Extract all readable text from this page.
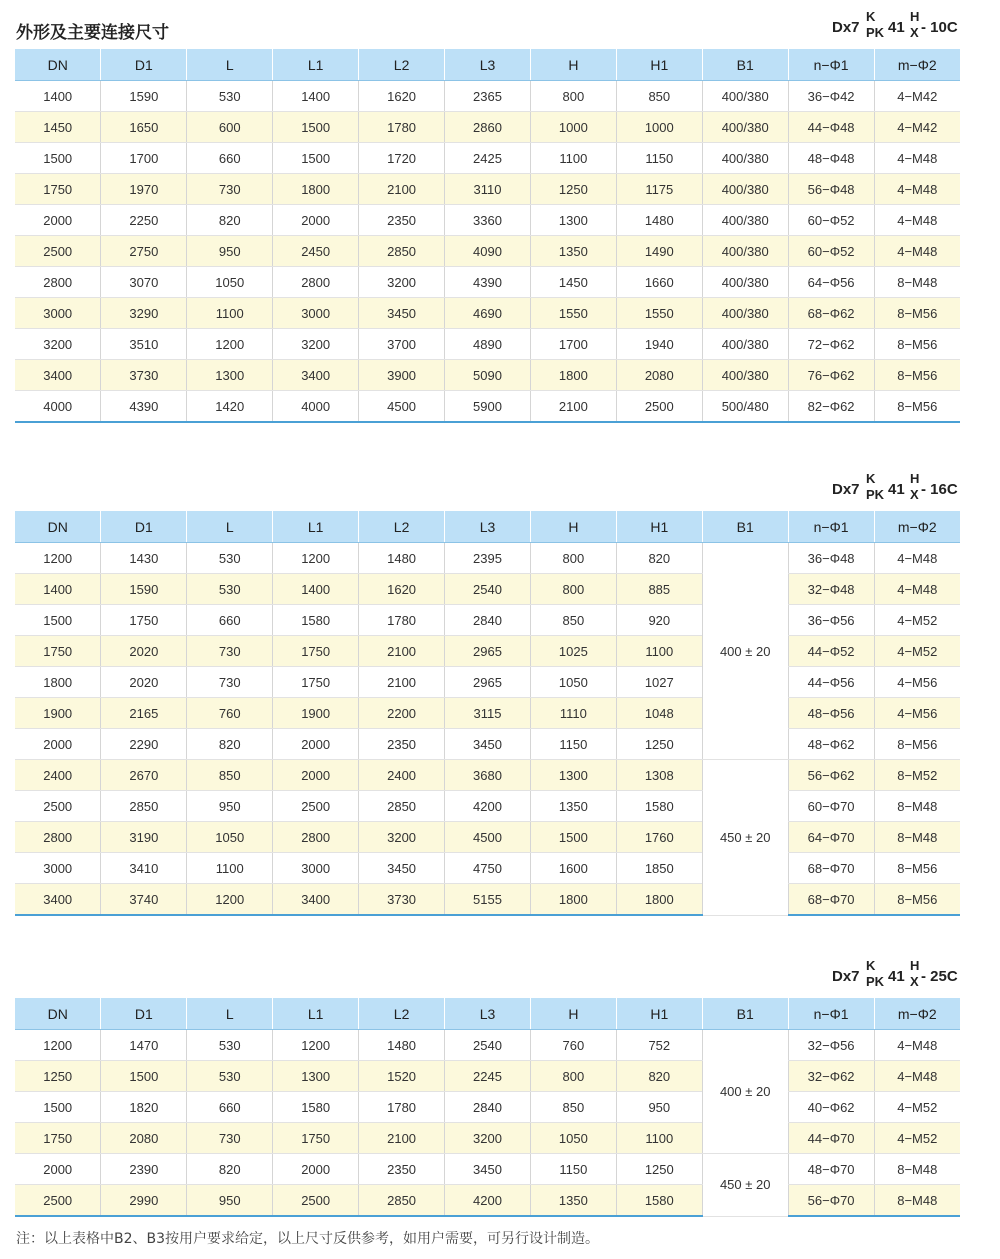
外形及主要连接尺寸	Dx7
K
PK 41
H
X - 10C
DN	D1	L	L1	L2	L3	H	H1	B1	n−Φ1	m−Φ2
1400	1590	530	1400	1620	2365	800	850	400/380	36−Φ42	4−M42
1450	1650	600	1500	1780	2860	1000	1000	400/380	44−Φ48	4−M42
1500	1700	660	1500	1720	2425	1100	1150	400/380	48−Φ48	4−M48
1750	1970	730	1800	2100	3110	1250	1175	400/380	56−Φ48	4−M48
2000	2250	820	2000	2350	3360	1300	1480	400/380	60−Φ52	4−M48
2500	2750	950	2450	2850	4090	1350	1490	400/380	60−Φ52	4−M48
2800	3070	1050	2800	3200	4390	1450	1660	400/380	64−Φ56	8−M48
3000	3290	1100	3000	3450	4690	1550	1550	400/380	68−Φ62	8−M56
3200	3510	1200	3200	3700	4890	1700	1940	400/380	72−Φ62	8−M56
3400	3730	1300	3400	3900	5090	1800	2080	400/380	76−Φ62	8−M56
4000	4390	1420	4000	4500	5900	2100	2500	500/480	82−Φ62	8−M56
Dx7
K
PK 41
H
X - 16C
DN	D1	L	L1	L2	L3	H	H1	B1	n−Φ1	m−Φ2
1200	1430	530	1200	1480	2395	800	820	400 ± 20	36−Φ48	4−M48
1400	1590	530	1400	1620	2540	800	885		32−Φ48	4−M48
1500	1750	660	1580	1780	2840	850	920		36−Φ56	4−M52
1750	2020	730	1750	2100	2965	1025	1100		44−Φ52	4−M52
1800	2020	730	1750	2100	2965	1050	1027		44−Φ56	4−M56
1900	2165	760	1900	2200	3115	1110	1048		48−Φ56	4−M56
2000	2290	820	2000	2350	3450	1150	1250		48−Φ62	8−M56
2400	2670	850	2000	2400	3680	1300	1308	450 ± 20	56−Φ62	8−M52
2500	2850	950	2500	2850	4200	1350	1580		60−Φ70	8−M48
2800	3190	1050	2800	3200	4500	1500	1760		64−Φ70	8−M48
3000	3410	1100	3000	3450	4750	1600	1850		68−Φ70	8−M56
3400	3740	1200	3400	3730	5155	1800	1800		68−Φ70	8−M56
Dx7
K
PK 41
H
X - 25C
DN	D1	L	L1	L2	L3	H	H1	B1	n−Φ1	m−Φ2
1200	1470	530	1200	1480	2540	760	752	400 ± 20	32−Φ56	4−M48
1250	1500	530	1300	1520	2245	800	820		32−Φ62	4−M48
1500	1820	660	1580	1780	2840	850	950		40−Φ62	4−M52
1750	2080	730	1750	2100	3200	1050	1100		44−Φ70	4−M52
2000	2390	820	2000	2350	3450	1150	1250	450 ± 20	48−Φ70	8−M48
2500	2990	950	2500	2850	4200	1350	1580		56−Φ70	8−M48
注：以上表格中B2、B3按用户要求给定，以上尺寸反供参考，如用户需要，可另行设计制造。
